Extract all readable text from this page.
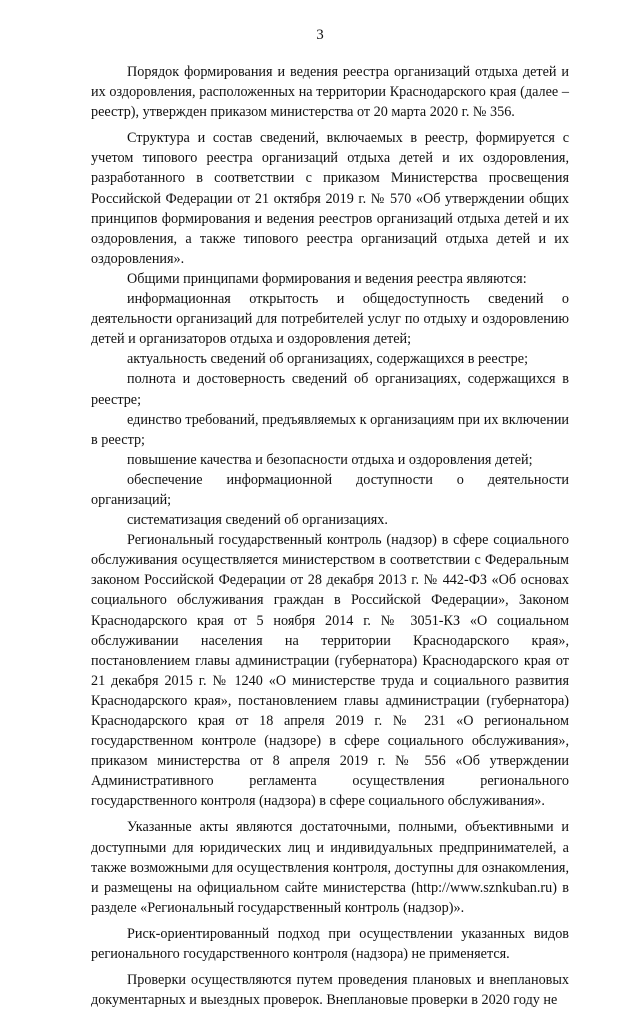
3

Порядок формирования и ведения реестра организаций отдыха детей и их оздоровления, расположенных на территории Краснодарского края (далее – реестр), утвержден приказом министерства от 20 марта 2020 г. № 356.

Структура и состав сведений, включаемых в реестр, формируется с учетом типового реестра организаций отдыха детей и их оздоровления, разработанного в соответствии с приказом Министерства просвещения Российской Федерации от 21 октября 2019 г. № 570 «Об утверждении общих принципов формирования и ведения реестров организаций отдыха детей и их оздоровления, а также типового реестра организаций отдыха детей и их оздоровления».

Общими принципами формирования и ведения реестра являются:

информационная открытость и общедоступность сведений о деятельности организаций для потребителей услуг по отдыху и оздоровлению детей и организаторов отдыха и оздоровления детей;

актуальность сведений об организациях, содержащихся в реестре;

полнота и достоверность сведений об организациях, содержащихся в реестре;

единство требований, предъявляемых к организациям при их включении в реестр;

повышение качества и безопасности отдыха и оздоровления детей;

обеспечение информационной доступности о деятельности организаций;

систематизация сведений об организациях.

Региональный государственный контроль (надзор) в сфере социального обслуживания осуществляется министерством в соответствии с Федеральным законом Российской Федерации от 28 декабря 2013 г. № 442-ФЗ «Об основах социального обслуживания граждан в Российской Федерации», Законом Краснодарского края от 5 ноября 2014 г. № 3051-КЗ «О социальном обслуживании населения на территории Краснодарского края», постановлением главы администрации (губернатора) Краснодарского края от 21 декабря 2015 г. № 1240 «О министерстве труда и социального развития Краснодарского края», постановлением главы администрации (губернатора) Краснодарского края от 18 апреля 2019 г. № 231 «О региональном государственном контроле (надзоре) в сфере социального обслуживания», приказом министерства от 8 апреля 2019 г. № 556 «Об утверждении Административного регламента осуществления регионального государственного контроля (надзора) в сфере социального обслуживания».

Указанные акты являются достаточными, полными, объективными и доступными для юридических лиц и индивидуальных предпринимателей, а также возможными для осуществления контроля, доступны для ознакомления, и размещены на официальном сайте министерства (http://www.sznkuban.ru) в разделе «Региональный государственный контроль (надзор)».

Риск-ориентированный подход при осуществлении указанных видов регионального государственного контроля (надзора) не применяется.

Проверки осуществляются путем проведения плановых и внеплановых документарных и выездных проверок. Внеплановые проверки в 2020 году не
